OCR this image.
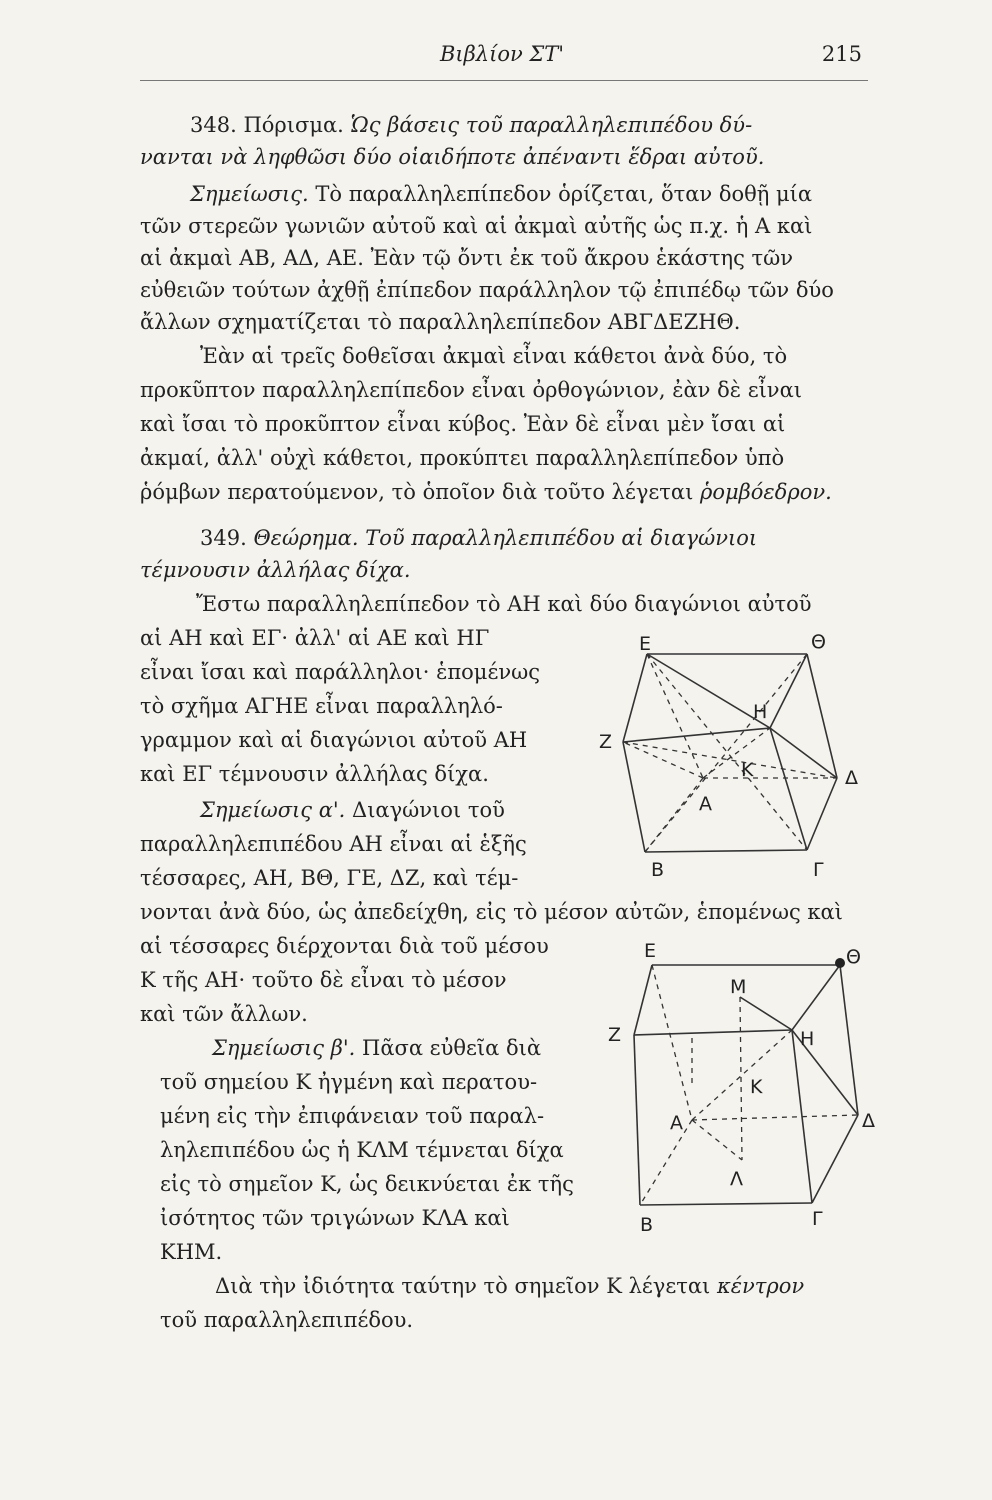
Βιβλίον ΣΤ'	215
348. Πόρισμα. Ὡς βάσεις τοῦ παραλληλεπιπέδου δύ-
νανται νὰ ληφθῶσι δύο οἱαιδήποτε ἀπέναντι ἕδραι αὐτοῦ.
Σημείωσις. Τὸ παραλληλεπίπεδον ὁρίζεται, ὅταν δοθῇ μία
τῶν στερεῶν γωνιῶν αὐτοῦ καὶ αἱ ἀκμαὶ αὐτῆς ὡς π.χ. ἡ Α καὶ
αἱ ἀκμαὶ ΑΒ, ΑΔ, ΑΕ. Ἐὰν τῷ ὄντι ἐκ τοῦ ἄκρου ἑκάστης τῶν
εὐθειῶν τούτων ἀχθῇ ἐπίπεδον παράλληλον τῷ ἐπιπέδῳ τῶν δύο
ἄλλων σχηματίζεται τὸ παραλληλεπίπεδον ΑΒΓΔΕΖΗΘ.
Ἐὰν αἱ τρεῖς δοθεῖσαι ἀκμαὶ εἶναι κάθετοι ἀνὰ δύο, τὸ
προκῦπτον παραλληλεπίπεδον εἶναι ὀρθογώνιον, ἐὰν δὲ εἶναι
καὶ ἴσαι τὸ προκῦπτον εἶναι κύβος. Ἐὰν δὲ εἶναι μὲν ἴσαι αἱ
ἀκμαί, ἀλλ' οὐχὶ κάθετοι, προκύπτει παραλληλεπίπεδον ὑπὸ
ῥόμβων περατούμενον, τὸ ὁποῖον διὰ τοῦτο λέγεται ῥομβόεδρον.
349. Θεώρημα. Τοῦ παραλληλεπιπέδου αἱ διαγώνιοι
τέμνουσιν ἀλλήλας δίχα.
Ἔστω παραλληλεπίπεδον τὸ ΑΗ καὶ δύο διαγώνιοι αὐτοῦ
αἱ ΑΗ καὶ ΕΓ· ἀλλ' αἱ ΑΕ καὶ ΗΓ
εἶναι ἴσαι καὶ παράλληλοι· ἑπομένως
τὸ σχῆμα ΑΓΗΕ εἶναι παραλληλό-
γραμμον καὶ αἱ διαγώνιοι αὐτοῦ ΑΗ
καὶ ΕΓ τέμνουσιν ἀλλήλας δίχα.
Σημείωσις α'. Διαγώνιοι τοῦ
παραλληλεπιπέδου ΑΗ εἶναι αἱ ἑξῆς
τέσσαρες, ΑΗ, ΒΘ, ΓΕ, ΔΖ, καὶ τέμ-
νονται ἀνὰ δύο, ὡς ἀπεδείχθη, εἰς τὸ μέσον αὐτῶν, ἑπομένως καὶ
αἱ τέσσαρες διέρχονται διὰ τοῦ μέσου
Κ τῆς ΑΗ· τοῦτο δὲ εἶναι τὸ μέσον
καὶ τῶν ἄλλων.
Σημείωσις β'. Πᾶσα εὐθεῖα διὰ
τοῦ σημείου Κ ἠγμένη καὶ περατου-
μένη εἰς τὴν ἐπιφάνειαν τοῦ παραλ-
ληλεπιπέδου ὡς ἡ ΚΛΜ τέμνεται δίχα
εἰς τὸ σημεῖον Κ, ὡς δεικνύεται ἐκ τῆς
ἰσότητος τῶν τριγώνων ΚΛΑ καὶ
ΚΗΜ.
Διὰ τὴν ἰδιότητα ταύτην τὸ σημεῖον Κ λέγεται κέντρον
τοῦ παραλληλεπιπέδου.
Ε	Θ
Η
Ζ
Κ	Δ
Α
Β	Γ
Ε	Θ
Μ
Ζ	Η
Κ
Α	Δ
Λ
Β	Γ
